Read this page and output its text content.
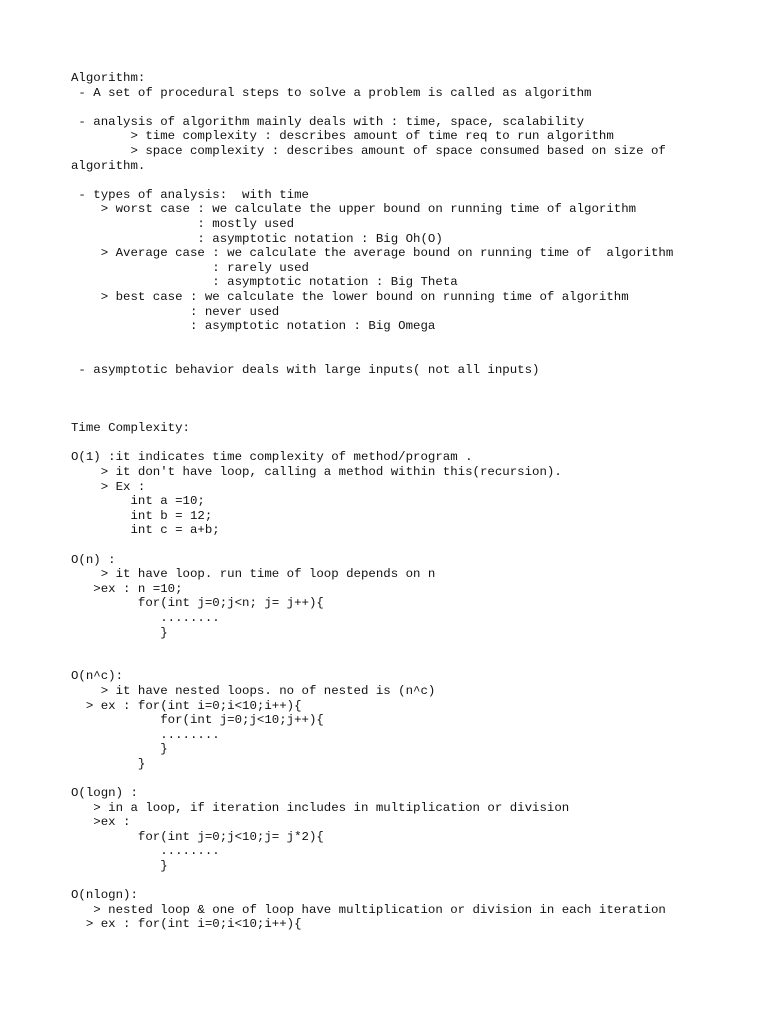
Algorithm:
- A set of procedural steps to solve a problem is called as algorithm
- analysis of algorithm mainly deals with : time, space, scalability
> time complexity : describes amount of time req to run algorithm
> space complexity : describes amount of space consumed based on size of
algorithm.
- types of analysis:  with time
> worst case : we calculate the upper bound on running time of algorithm
: mostly used
: asymptotic notation : Big Oh(O)
> Average case : we calculate the average bound on running time of  algorithm
: rarely used
: asymptotic notation : Big Theta
> best case : we calculate the lower bound on running time of algorithm
: never used
: asymptotic notation : Big Omega
- asymptotic behavior deals with large inputs( not all inputs)
Time Complexity:
O(1) :it indicates time complexity of method/program .
> it don't have loop, calling a method within this(recursion).
> Ex :
int a =10;
int b = 12;
int c = a+b;
O(n) :
> it have loop. run time of loop depends on n
>ex : n =10;
for(int j=0;j<n; j= j++){
........
}
O(n^c):
> it have nested loops. no of nested is (n^c)
> ex : for(int i=0;i<10;i++){
for(int j=0;j<10;j++){
........
}
}
O(logn) :
> in a loop, if iteration includes in multiplication or division
>ex :
for(int j=0;j<10;j= j*2){
........
}
O(nlogn):
> nested loop & one of loop have multiplication or division in each iteration
> ex : for(int i=0;i<10;i++){
